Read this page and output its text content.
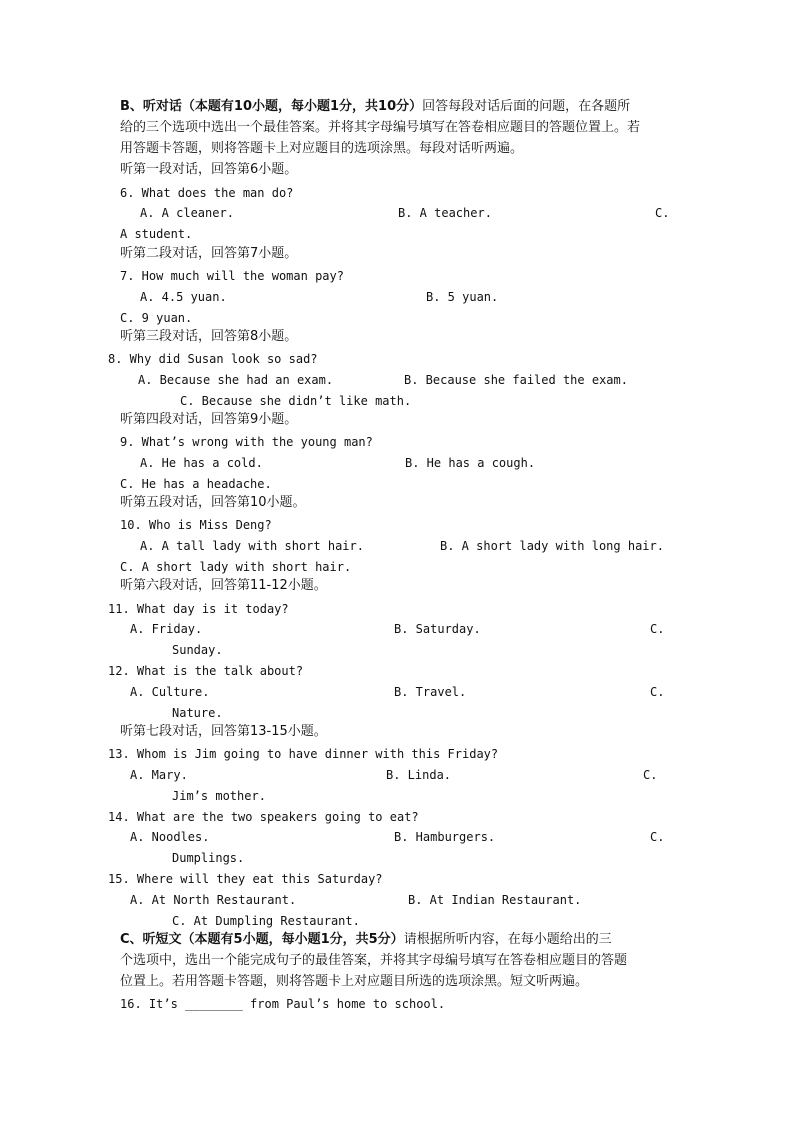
B、听对话（本题有10小题，每小题1分，共10分）回答每段对话后面的问题，在各题所
给的三个选项中选出一个最佳答案。并将其字母编号填写在答卷相应题目的答题位置上。若
用答题卡答题，则将答题卡上对应题目的选项涂黑。每段对话听两遍。
听第一段对话，回答第6小题。
6. What does the man do?
A. A cleaner.	B. A teacher.	C.
A student.
听第二段对话，回答第7小题。
7. How much will the woman pay?
A. 4.5 yuan.	B. 5 yuan.
C. 9 yuan.
听第三段对话，回答第8小题。
8. Why did Susan look so sad?
A. Because she had an exam.	B. Because she failed the exam.
C. Because she didn’t like math.
听第四段对话，回答第9小题。
9. What’s wrong with the young man?
A. He has a cold.	B. He has a cough.
C. He has a headache.
听第五段对话，回答第10小题。
10. Who is Miss Deng?
A. A tall lady with short hair.	B. A short lady with long hair.
C. A short lady with short hair.
听第六段对话，回答第11-12小题。
11. What day is it today?
A. Friday.	B. Saturday.	C.
Sunday.
12. What is the talk about?
A. Culture.	B. Travel.	C.
Nature.
听第七段对话，回答第13-15小题。
13. Whom is Jim going to have dinner with this Friday?
A. Mary.	B. Linda.	C.
Jim’s mother.
14. What are the two speakers going to eat?
A. Noodles.	B. Hamburgers.	C.
Dumplings.
15. Where will they eat this Saturday?
A. At North Restaurant.	B. At Indian Restaurant.
C. At Dumpling Restaurant.
C、听短文（本题有5小题，每小题1分，共5分）请根据所听内容，在每小题给出的三
个选项中，选出一个能完成句子的最佳答案，并将其字母编号填写在答卷相应题目的答题
位置上。若用答题卡答题，则将答题卡上对应题目所选的选项涂黑。短文听两遍。
16. It’s ________ from Paul’s home to school.
